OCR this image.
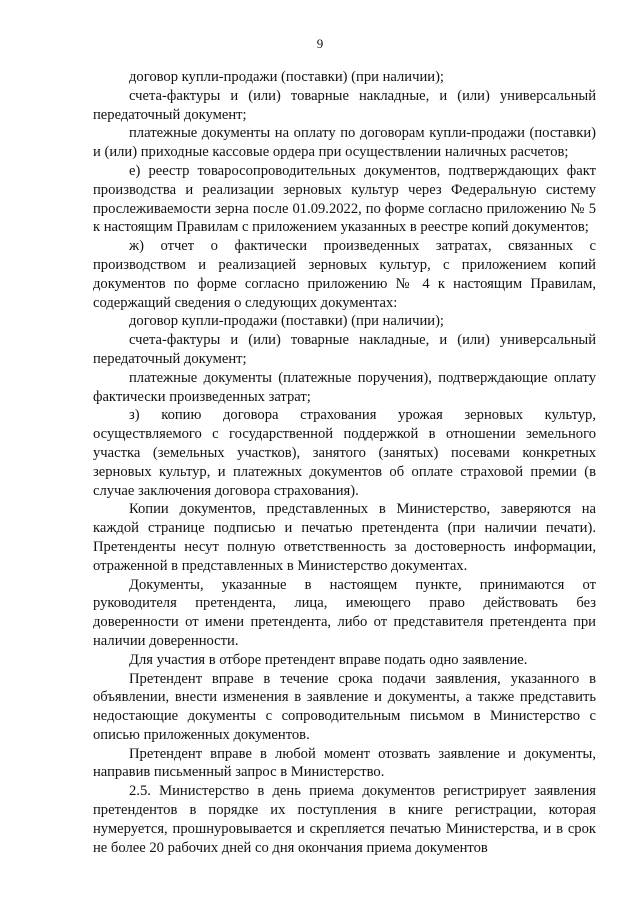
9

договор купли-продажи (поставки) (при наличии);

счета-фактуры и (или) товарные накладные, и (или) универсальный передаточный документ;

платежные документы на оплату по договорам купли-продажи (поставки) и (или) приходные кассовые ордера при осуществлении наличных расчетов;

е) реестр товаросопроводительных документов, подтверждающих факт производства и реализации зерновых культур через Федеральную систему прослеживаемости зерна после 01.09.2022, по форме согласно приложению № 5 к настоящим Правилам с приложением указанных в реестре копий документов;

ж) отчет о фактически произведенных затратах, связанных с производством и реализацией зерновых культур, с приложением копий документов по форме согласно приложению № 4 к настоящим Правилам, содержащий сведения о следующих документах:

договор купли-продажи (поставки) (при наличии);

счета-фактуры и (или) товарные накладные, и (или) универсальный передаточный документ;

платежные документы (платежные поручения), подтверждающие оплату фактически произведенных затрат;

з) копию договора страхования урожая зерновых культур, осуществляемого с государственной поддержкой в отношении земельного участка (земельных участков), занятого (занятых) посевами конкретных зерновых культур, и платежных документов об оплате страховой премии (в случае заключения договора страхования).

Копии документов, представленных в Министерство, заверяются на каждой странице подписью и печатью претендента (при наличии печати). Претенденты несут полную ответственность за достоверность информации, отраженной в представленных в Министерство документах.

Документы, указанные в настоящем пункте, принимаются от руководителя претендента, лица, имеющего право действовать без доверенности от имени претендента, либо от представителя претендента при наличии доверенности.

Для участия в отборе претендент вправе подать одно заявление.

Претендент вправе в течение срока подачи заявления, указанного в объявлении, внести изменения в заявление и документы, а также представить недостающие документы с сопроводительным письмом в Министерство с описью приложенных документов.

Претендент вправе в любой момент отозвать заявление и документы, направив письменный запрос в Министерство.

2.5. Министерство в день приема документов регистрирует заявления претендентов в порядке их поступления в книге регистрации, которая нумеруется, прошнуровывается и скрепляется печатью Министерства, и в срок не более 20 рабочих дней со дня окончания приема документов
